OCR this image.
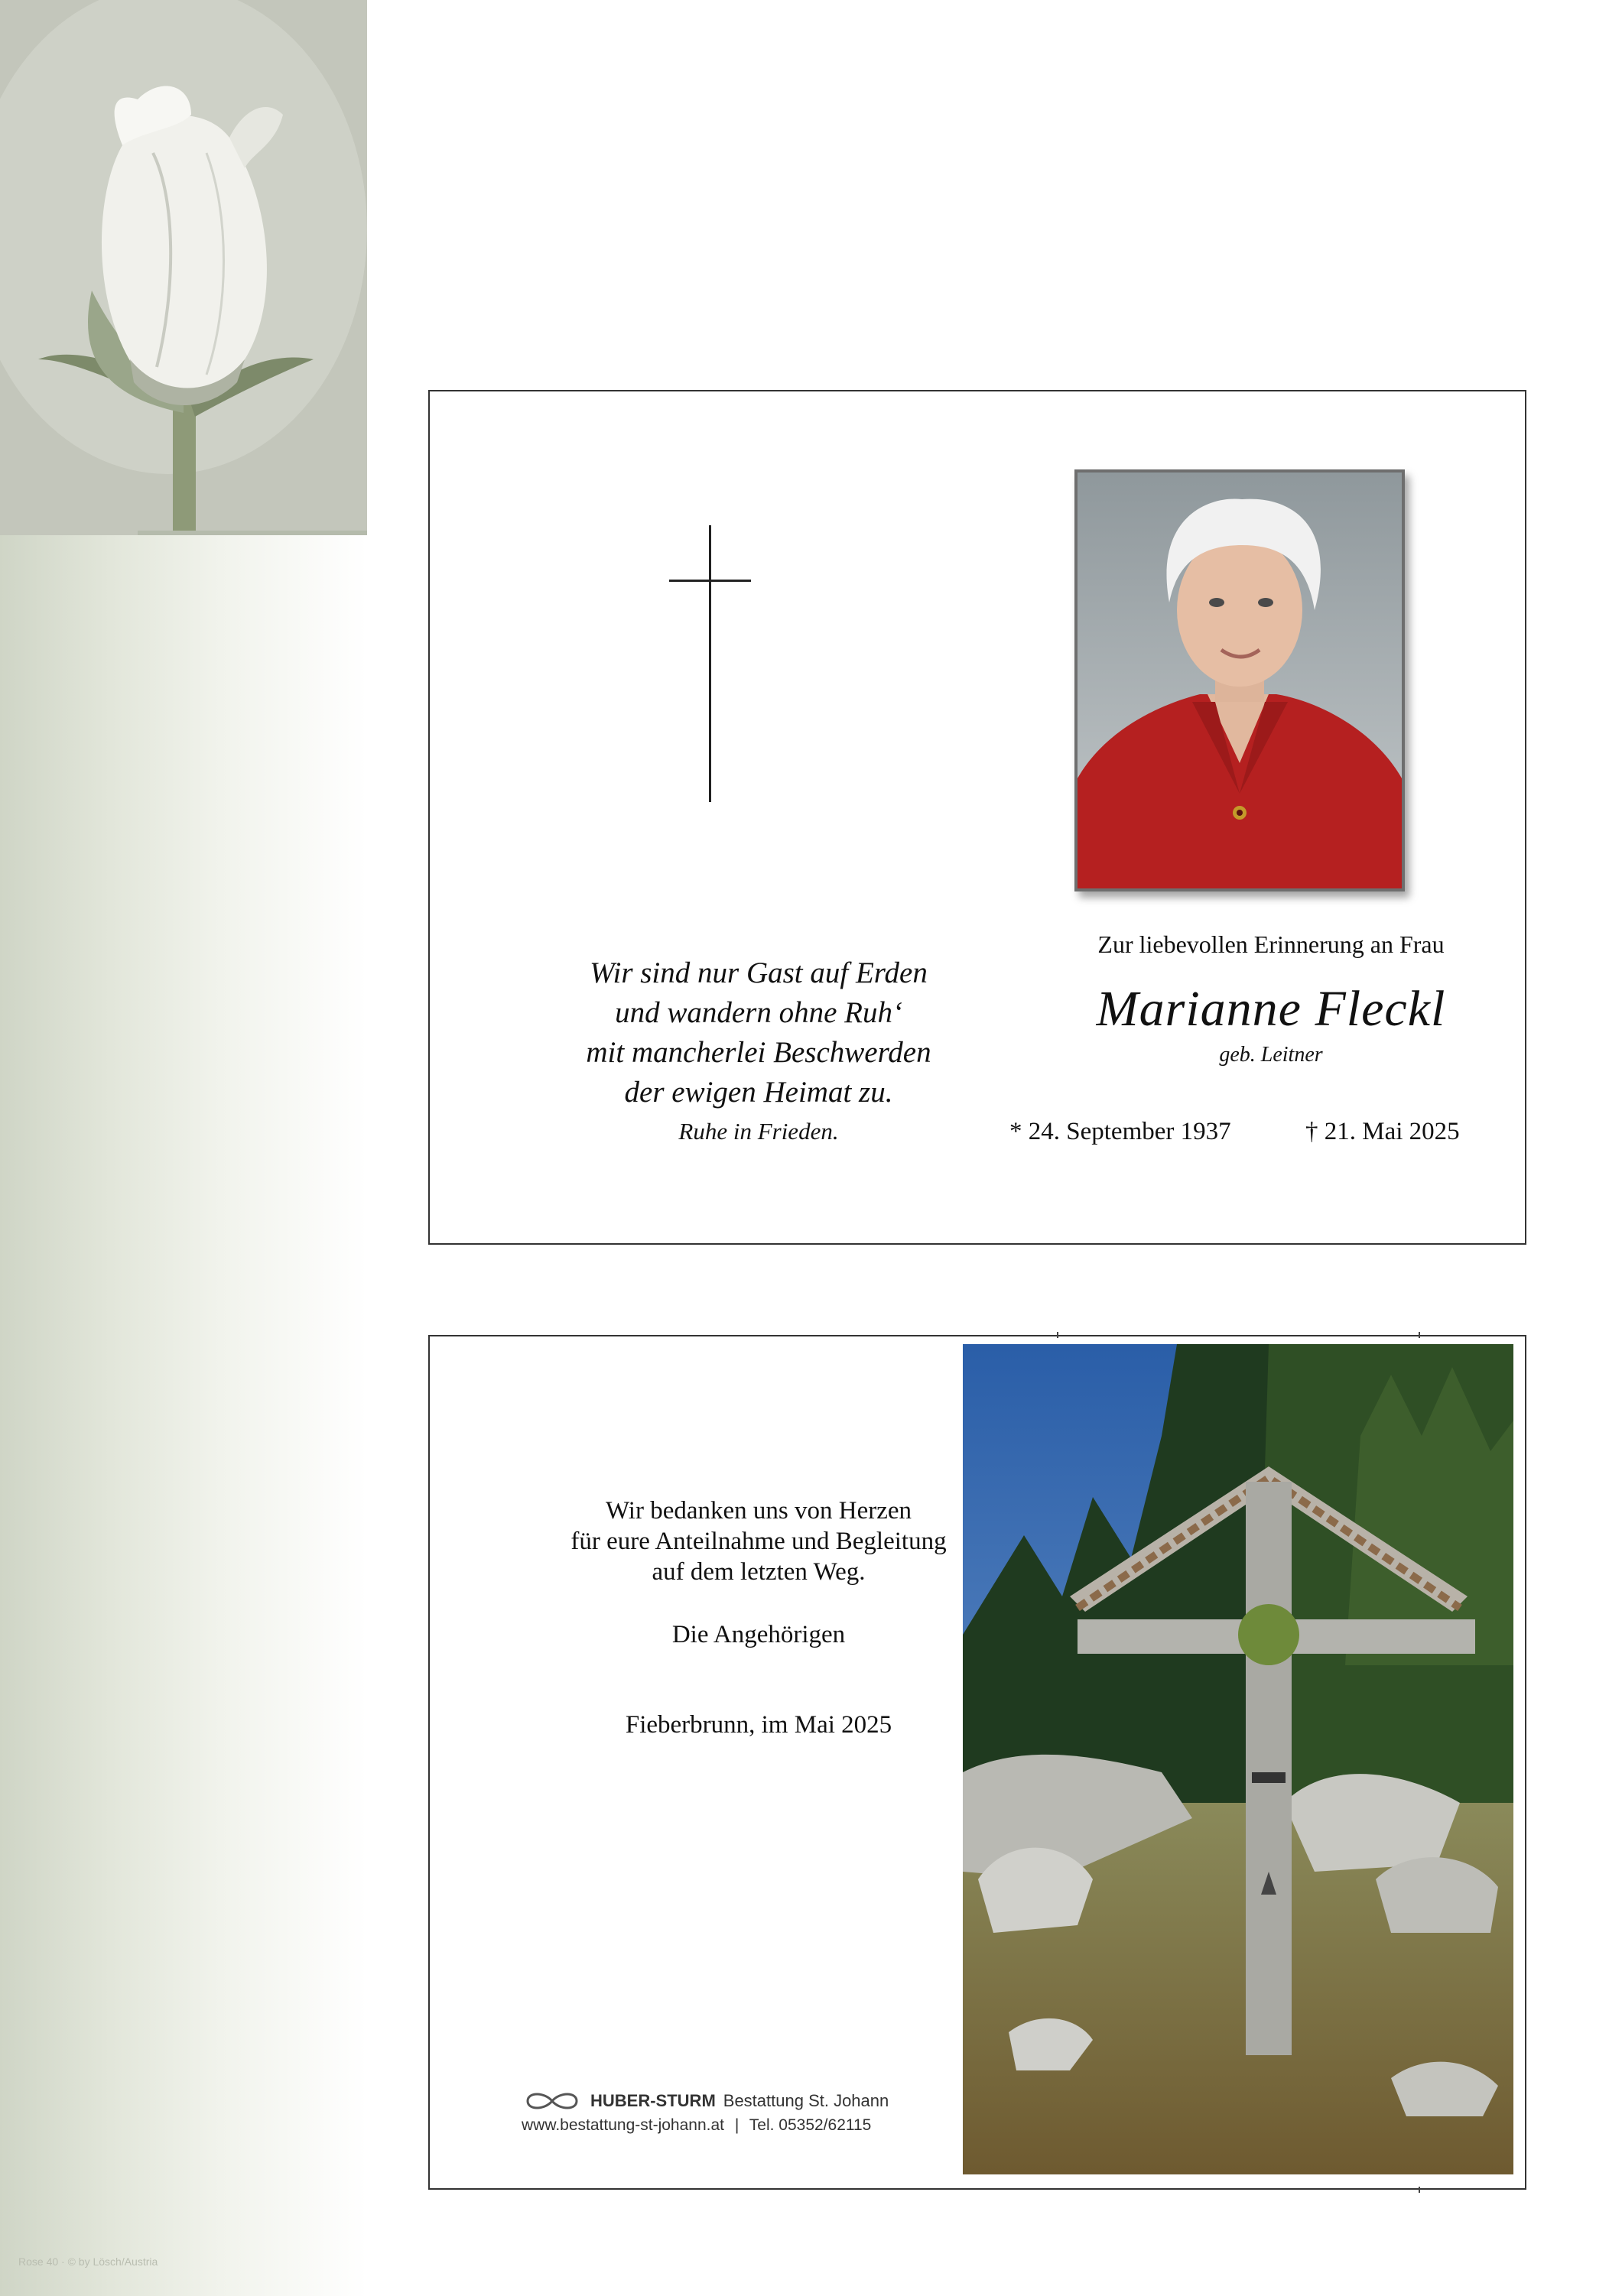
Rose 40 · © by Lösch/Austria
Wir sind nur Gast auf Erden
und wandern ohne Ruh‘
mit mancherlei Beschwerden
der ewigen Heimat zu.
Ruhe in Frieden.
Zur liebevollen Erinnerung an Frau
Marianne Fleckl
geb. Leitner
* 24. September 1937	† 21. Mai 2025
Wir bedanken uns von Herzen
für eure Anteilnahme und Begleitung
auf dem letzten Weg.
Die Angehörigen
Fieberbrunn, im Mai 2025
HUBER-STURM Bestattung St. Johann
www.bestattung-st-johann.at | Tel. 05352/62115
